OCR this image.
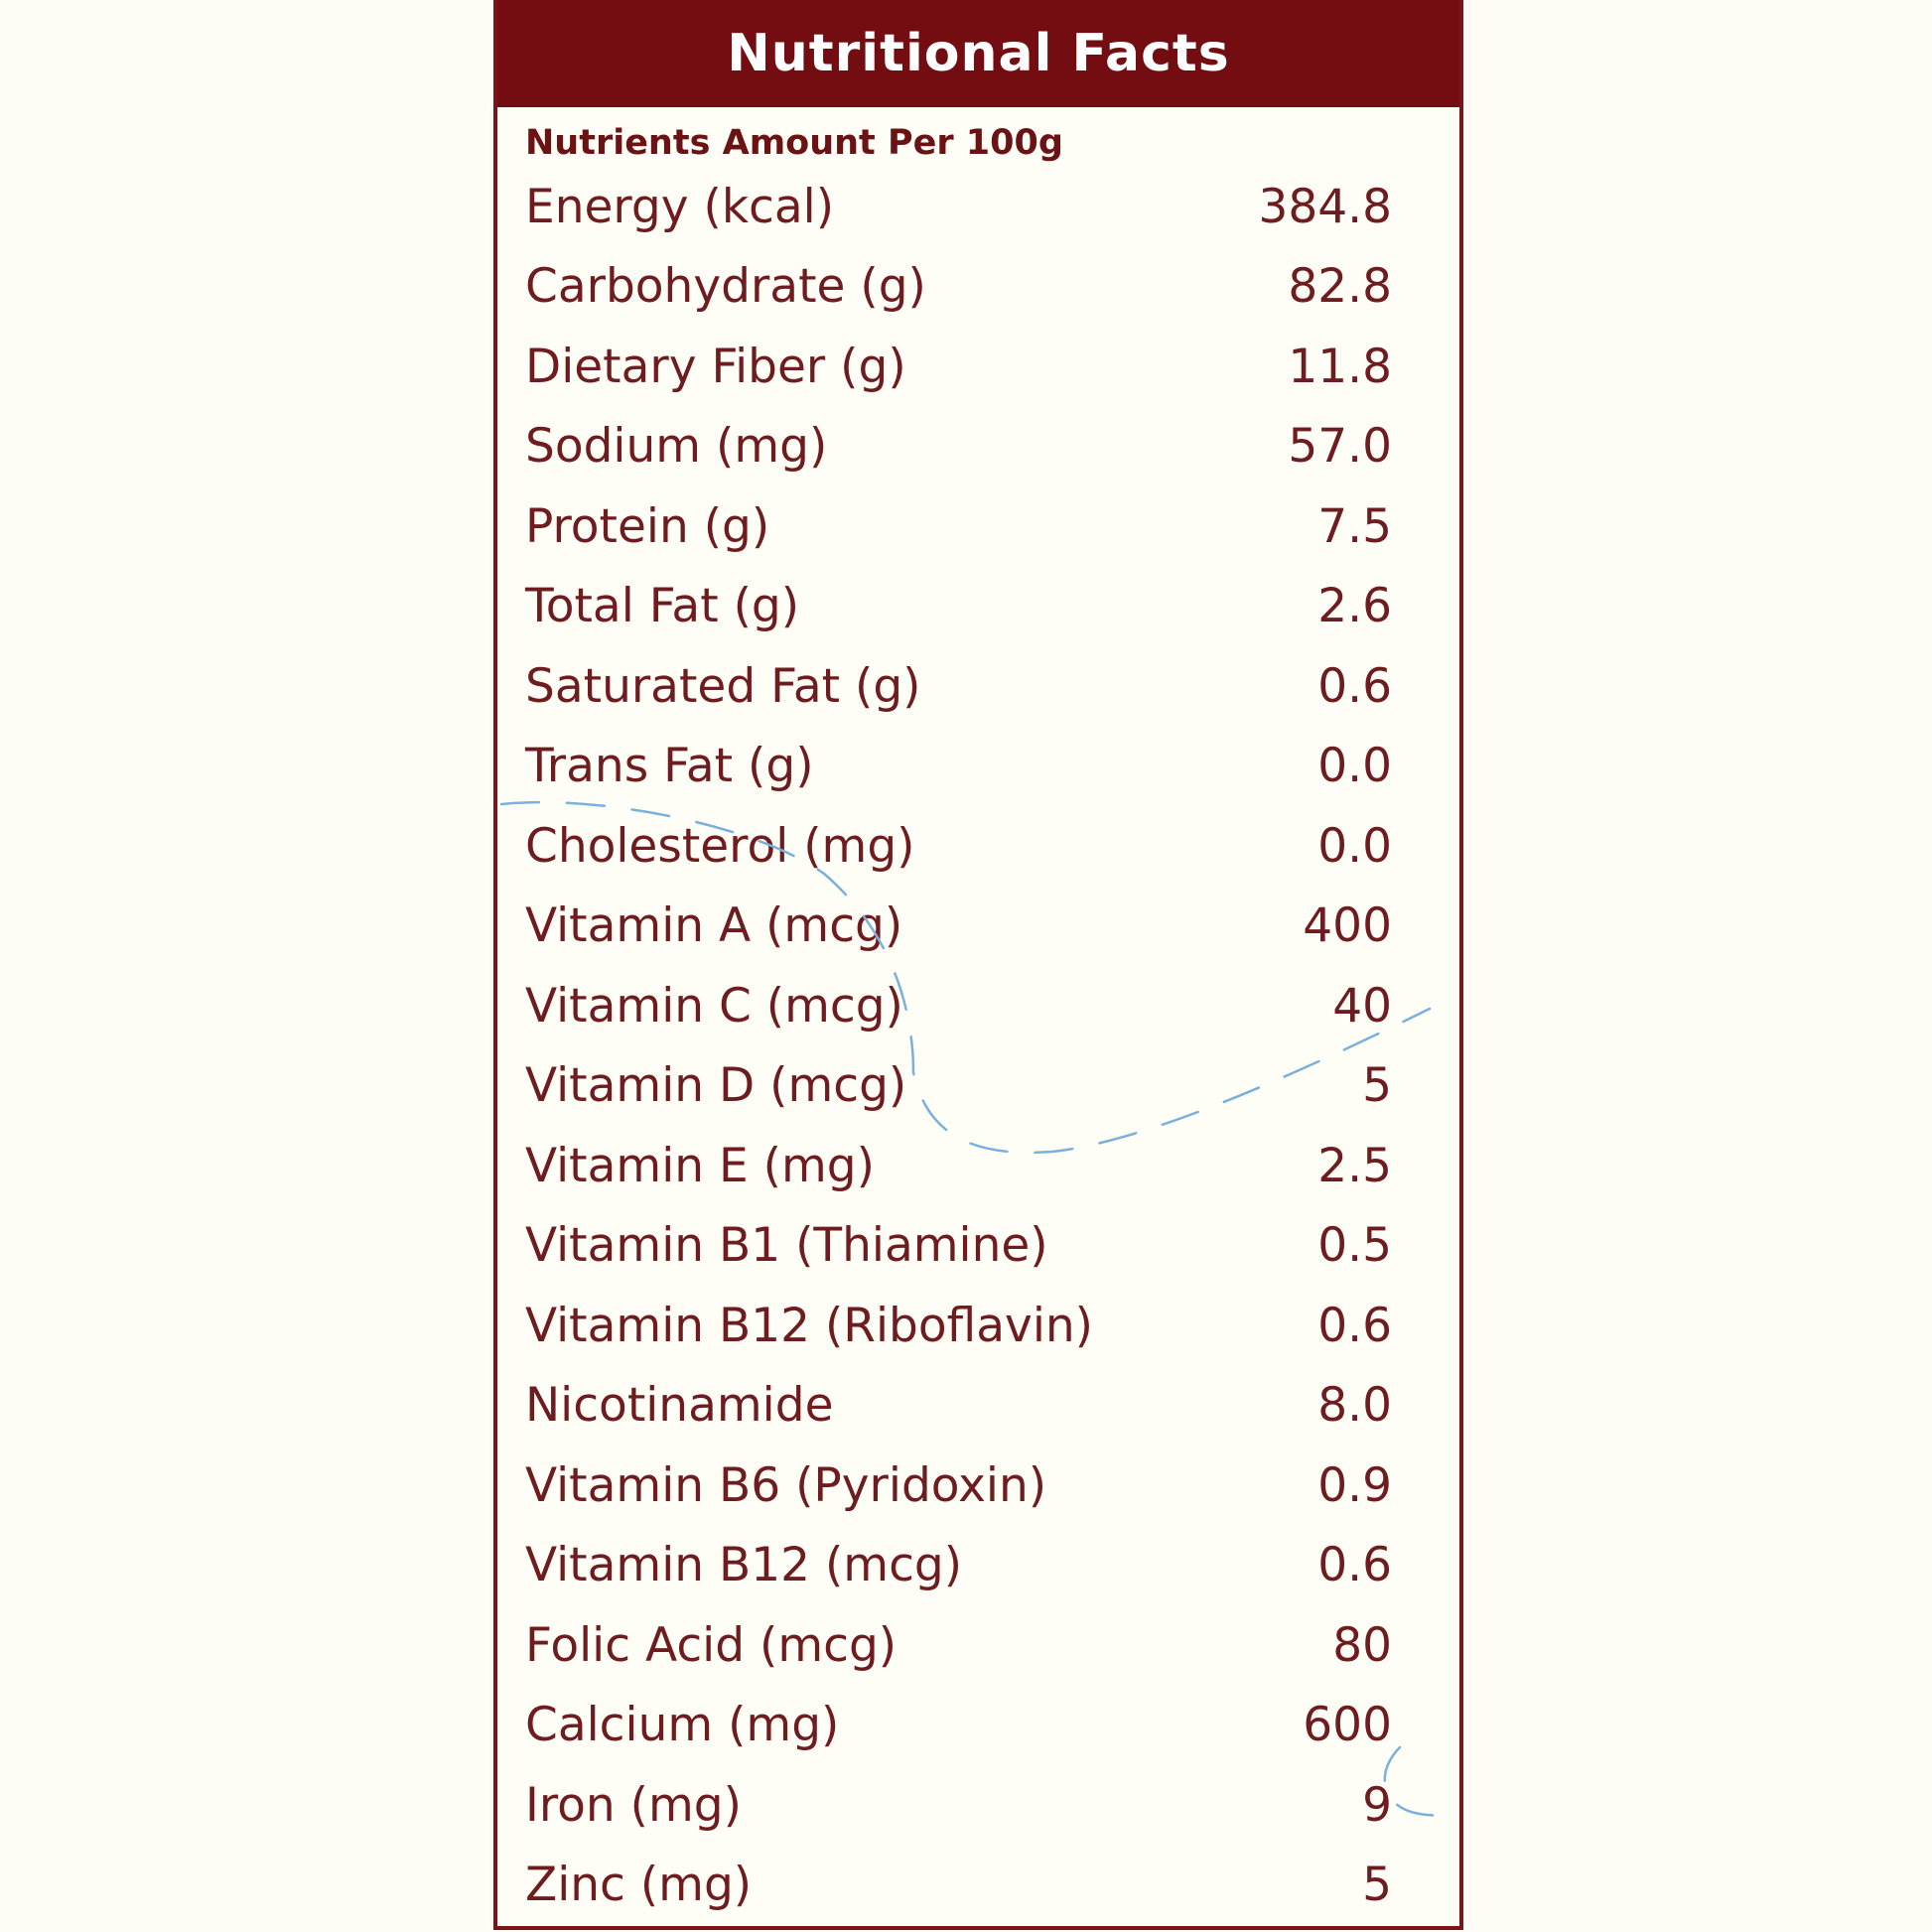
Nutritional Facts
Nutrients Amount Per 100g
Energy (kcal)	384.8
Carbohydrate (g)	82.8
Dietary Fiber (g)	11.8
Sodium (mg)	57.0
Protein (g)	7.5
Total Fat (g)	2.6
Saturated Fat (g)	0.6
Trans Fat (g)	0.0
Cholesterol (mg)	0.0
Vitamin A (mcg)	400
Vitamin C (mcg)	40
Vitamin D (mcg)	5
Vitamin E (mg)	2.5
Vitamin B1 (Thiamine)	0.5
Vitamin B12 (Riboflavin)	0.6
Nicotinamide	8.0
Vitamin B6 (Pyridoxin)	0.9
Vitamin B12 (mcg)	0.6
Folic Acid (mcg)	80
Calcium (mg)	600
Iron (mg)	9
Zinc (mg)	5
